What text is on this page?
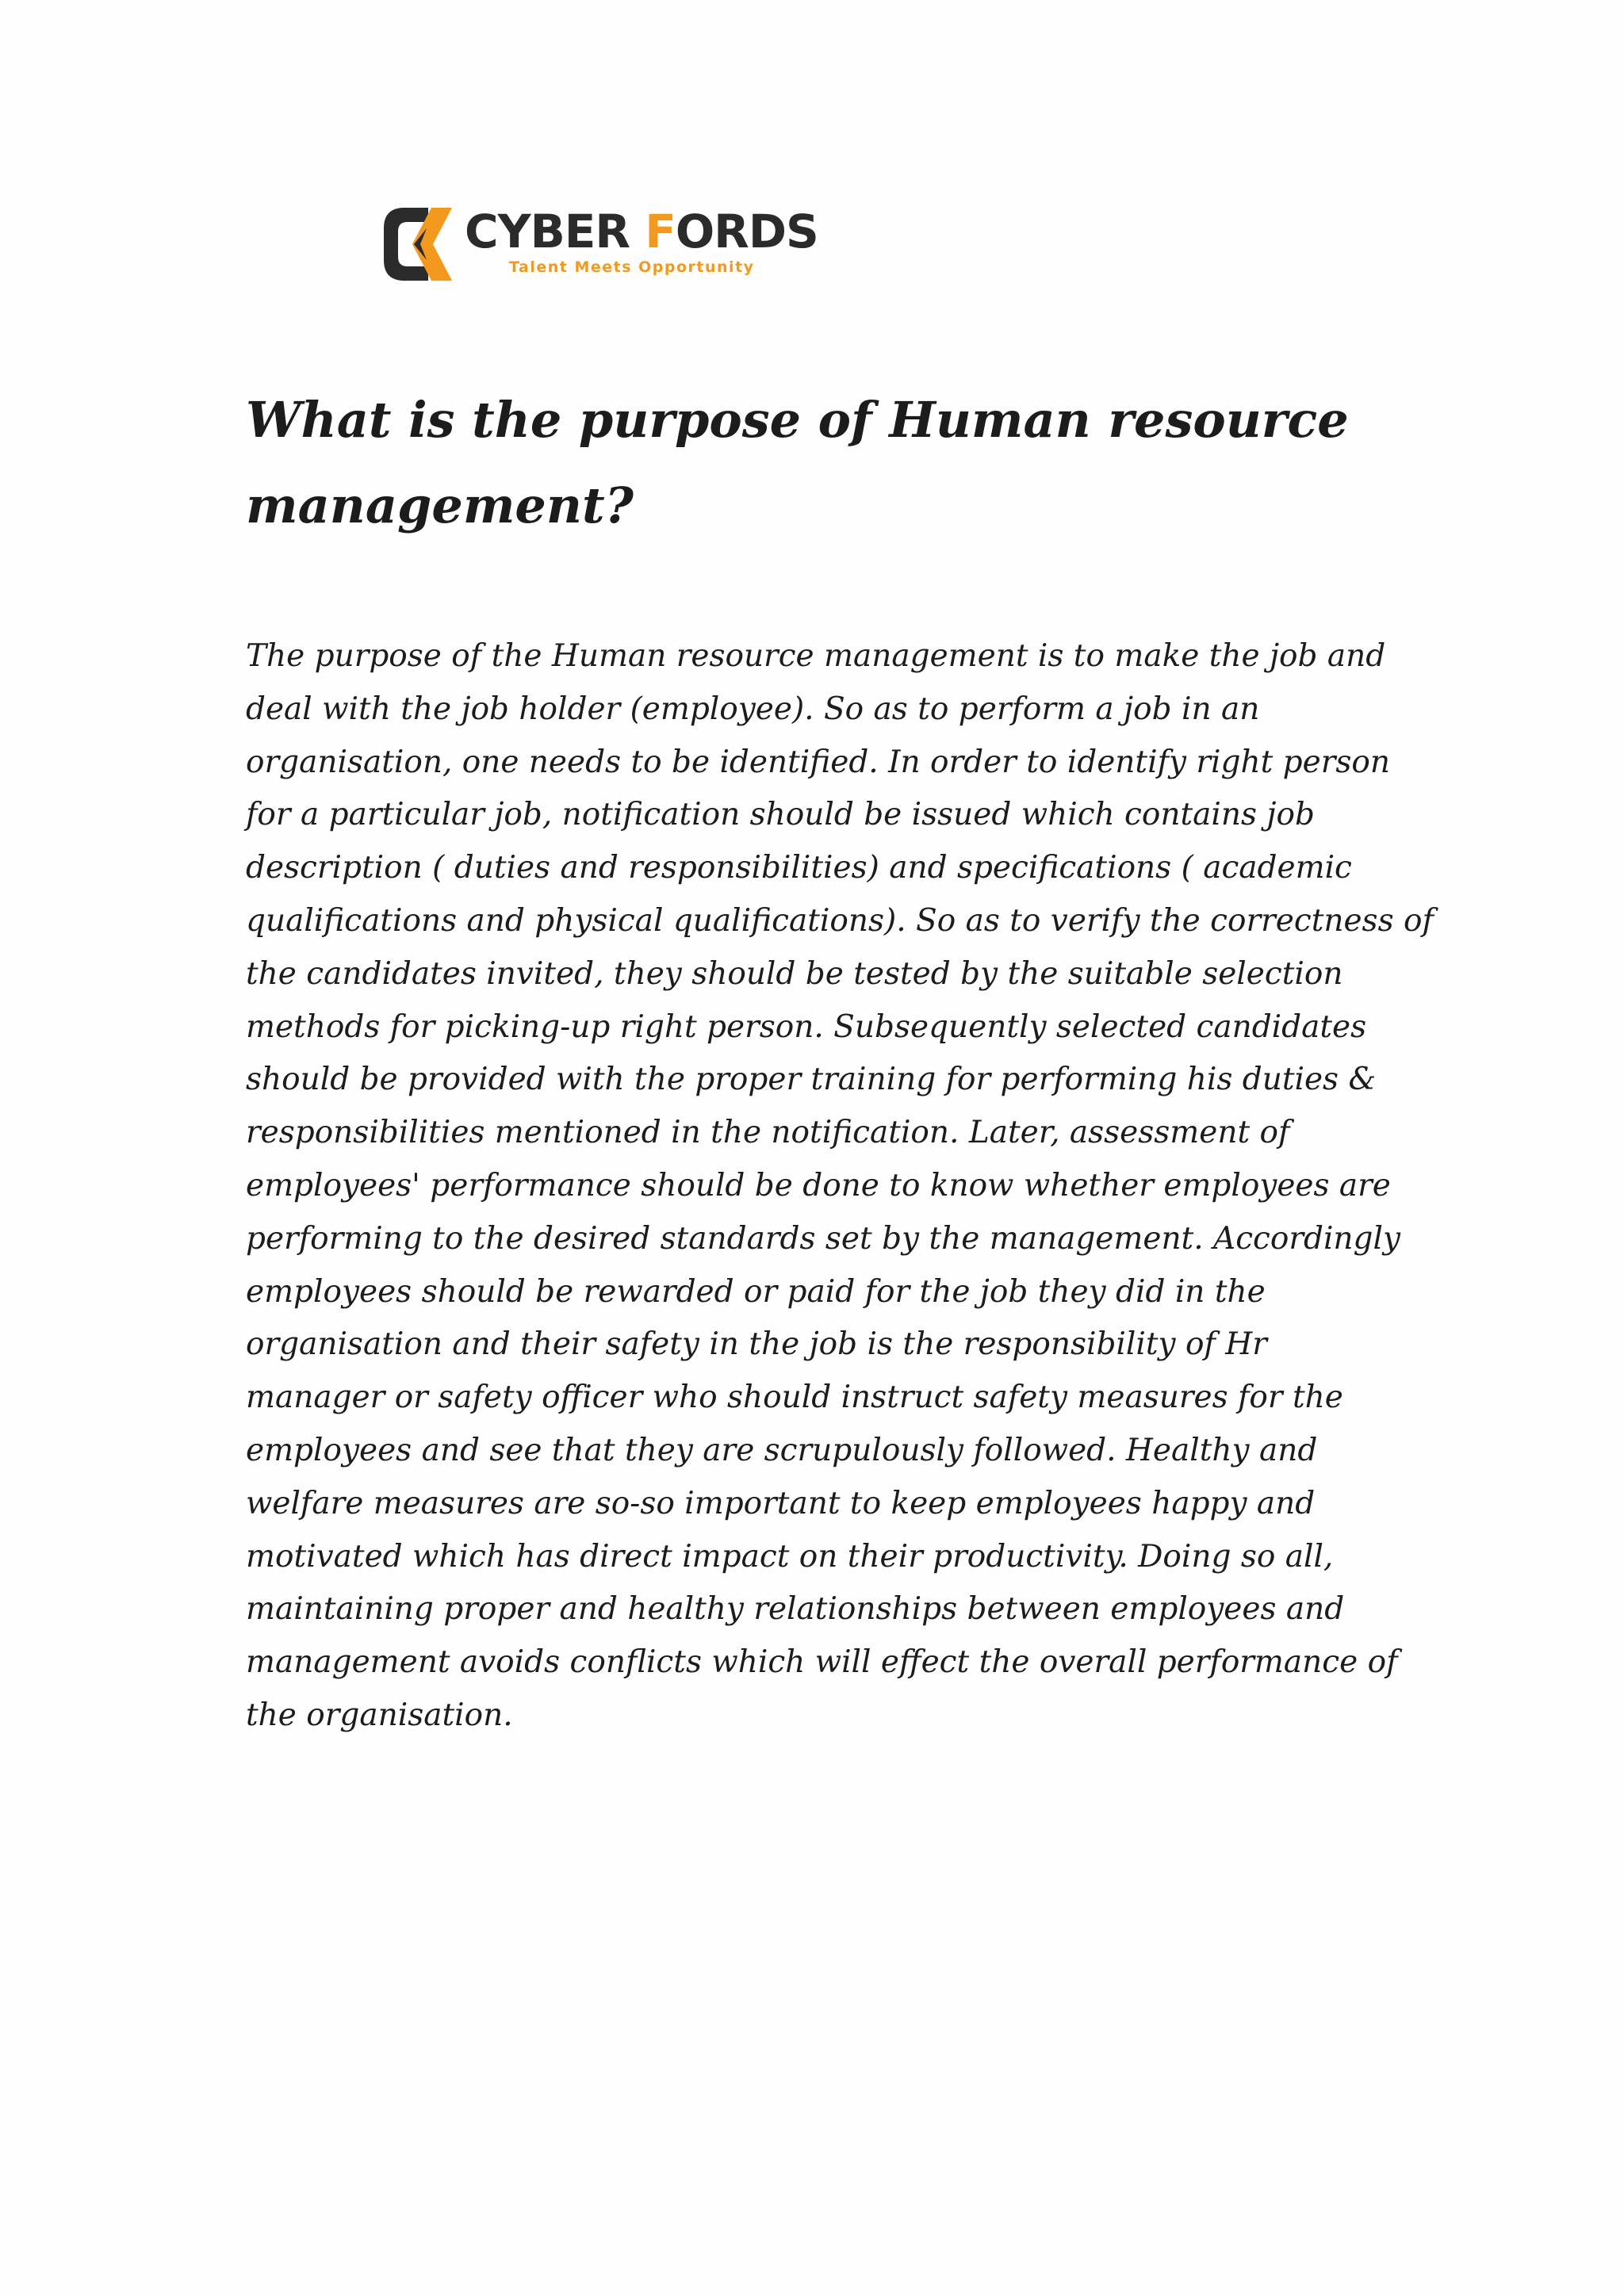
CYBER FORDS
Talent Meets Opportunity
What is the purpose of Human resource
management?

The purpose of the Human resource management is to make the job and
deal with the job holder (employee). So as to perform a job in an
organisation, one needs to be identified. In order to identify right person
for a particular job, notification should be issued which contains job
description ( duties and responsibilities) and specifications ( academic
qualifications and physical qualifications). So as to verify the correctness of
the candidates invited, they should be tested by the suitable selection
methods for picking-up right person. Subsequently selected candidates
should be provided with the proper training for performing his duties &
responsibilities mentioned in the notification. Later, assessment of
employees' performance should be done to know whether employees are
performing to the desired standards set by the management. Accordingly
employees should be rewarded or paid for the job they did in the
organisation and their safety in the job is the responsibility of Hr
manager or safety officer who should instruct safety measures for the
employees and see that they are scrupulously followed. Healthy and
welfare measures are so-so important to keep employees happy and
motivated which has direct impact on their productivity. Doing so all,
maintaining proper and healthy relationships between employees and
management avoids conflicts which will effect the overall performance of
the organisation.
